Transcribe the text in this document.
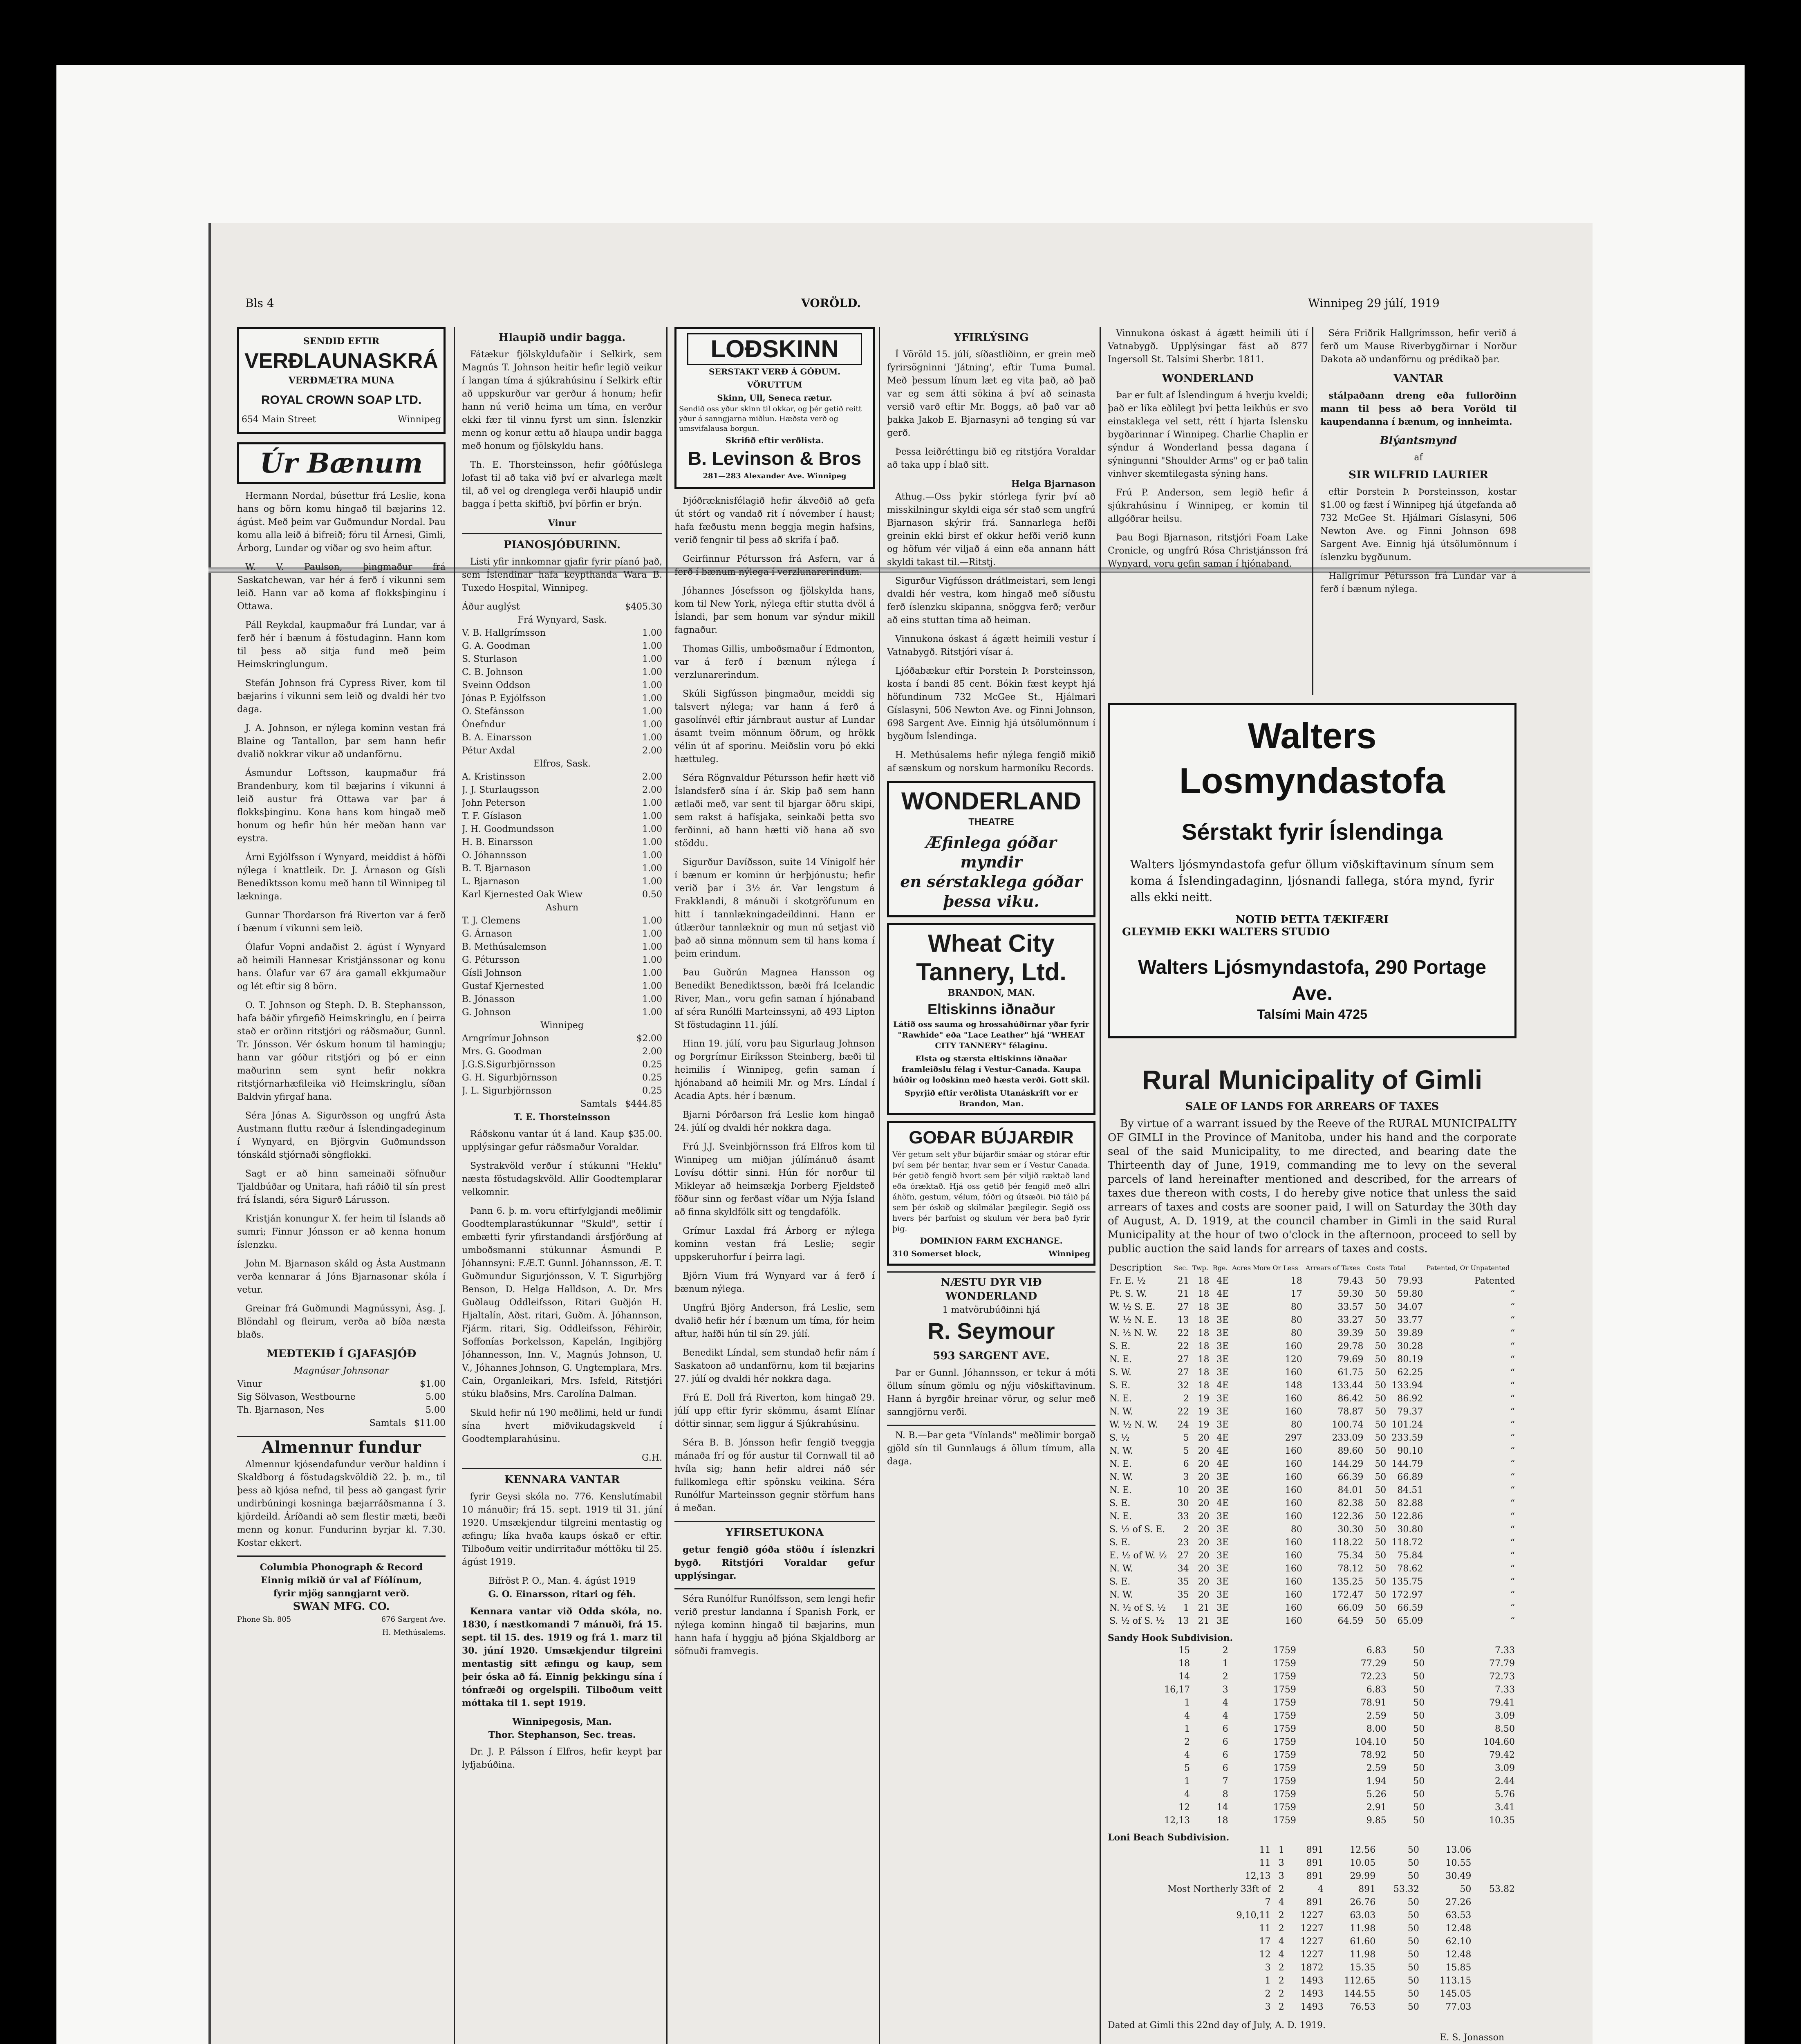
Bls 4	VORÖLD.	Winnipeg 29 júlí, 1919
SENDID EFTIR
VERÐLAUNASKRÁ
VERÐMÆTRA MUNA
ROYAL CROWN SOAP LTD.
654 Main Street	Winnipeg
Úr Bænum

Hermann Nordal, búsettur frá Leslie, kona hans og börn komu hingað til bæjarins 12. ágúst. Með þeim var Guðmundur Nordal. Þau komu alla leið á bifreið; fóru til Árnesi, Gimli, Árborg, Lundar og víðar og svo heim aftur.

W. V. Paulson, þingmaður frá Saskatchewan, var hér á ferð í vikunni sem leið. Hann var að koma af flokksþinginu í Ottawa.

Páll Reykdal, kaupmaður frá Lundar, var á ferð hér í bænum á föstudaginn. Hann kom til þess að sitja fund með þeim Heimskringlungum.

Stefán Johnson frá Cypress River, kom til bæjarins í vikunni sem leið og dvaldi hér tvo daga.

J. A. Johnson, er nýlega kominn vestan frá Blaine og Tantallon, þar sem hann hefir dvalið nokkrar vikur að undanförnu.

Ásmundur Loftsson, kaupmaður frá Brandenbury, kom til bæjarins í vikunni á leið austur frá Ottawa var þar á flokksþinginu. Kona hans kom hingað með honum og hefir hún hér meðan hann var eystra.

Árni Eyjólfsson í Wynyard, meiddist á höfði nýlega í knattleik. Dr. J. Árnason og Gísli Benediktsson komu með hann til Winnipeg til lækninga.

Gunnar Thordarson frá Riverton var á ferð í bænum í vikunni sem leið.

Ólafur Vopni andaðist 2. ágúst í Wynyard að heimili Hannesar Kristjánssonar og konu hans. Ólafur var 67 ára gamall ekkjumaður og lét eftir sig 8 börn.

O. T. Johnson og Steph. D. B. Stephansson, hafa báðir yfirgefið Heimskringlu, en í þeirra stað er orðinn ritstjóri og ráðsmaður, Gunnl. Tr. Jónsson. Vér óskum honum til hamingju; hann var góður ritstjóri og þó er einn maðurinn sem synt hefir nokkra ritstjórnarhæfileika við Heimskringlu, síðan Baldvin yfirgaf hana.

Séra Jónas A. Sigurðsson og ungfrú Ásta Austmann fluttu ræður á Íslendingadeginum í Wynyard, en Björgvin Guðmundsson tónskáld stjórnaði söngflokki.

Sagt er að hinn sameinaði söfnuður Tjaldbúðar og Unitara, hafi ráðið til sín prest frá Íslandi, séra Sigurð Lárusson.

Kristján konungur X. fer heim til Íslands að sumri; Finnur Jónsson er að kenna honum íslenzku.

John M. Bjarnason skáld og Ásta Austmann verða kennarar á Jóns Bjarnasonar skóla í vetur.

Greinar frá Guðmundi Magnússyni, Ásg. J. Blöndahl og fleirum, verða að bíða næsta blaðs.

MEÐTEKIÐ Í GJAFASJÓÐ
Magnúsar Johnsonar
Vinur	$1.00
Sig Sölvason, Westbourne	5.00
Th. Bjarnason, Nes	5.00
Samtals $11.00
Almennur fundur

Almennur kjósendafundur verður haldinn í Skaldborg á föstudagskvöldið 22. þ. m., til þess að kjósa nefnd, til þess að gangast fyrir undirbúningi kosninga bæjarráðsmanna í 3. kjördeild. Áríðandi að sem flestir mæti, bæði menn og konur. Fundurinn byrjar kl. 7.30. Kostar ekkert.

Columbia Phonograph & Record
Einnig mikið úr val af Fíólínum,
fyrir mjög sanngjarnt verð.
SWAN MFG. CO.
Phone Sh. 805	676 Sargent Ave.
H. Methúsalems.
Hlaupið undir bagga.

Fátækur fjölskyldufaðir í Selkirk, sem Magnús T. Johnson heitir hefir legið veikur í langan tíma á sjúkrahúsinu í Selkirk eftir að uppskurður var gerður á honum; hefir hann nú verið heima um tíma, en verður ekki fær til vinnu fyrst um sinn. Íslenzkir menn og konur ættu að hlaupa undir bagga með honum og fjölskyldu hans.

Th. E. Thorsteinsson, hefir góðfúslega lofast til að taka við því er alvarlega mælt til, að vel og drenglega verði hlaupið undir bagga í þetta skiftið, því þörfin er brýn.

Vinur
PIANOSJÓÐURINN.

Listi yfir innkomnar gjafir fyrir píanó það, sem Íslendinar hafa keypthanda Wara B. Tuxedo Hospital, Winnipeg.

Áður auglýst	$405.30
Frá Wynyard, Sask.
V. B. Hallgrímsson	1.00
G. A. Goodman	1.00
S. Sturlason	1.00
C. B. Johnson	1.00
Sveinn Oddson	1.00
Jónas P. Eyjólfsson	1.00
O. Stefánsson	1.00
Ónefndur	1.00
B. A. Einarsson	1.00
Pétur Axdal	2.00
Elfros, Sask.
A. Kristinsson	2.00
J. J. Sturlaugsson	2.00
John Peterson	1.00
T. F. Gíslason	1.00
J. H. Goodmundsson	1.00
H. B. Einarsson	1.00
O. Jóhannsson	1.00
B. T. Bjarnason	1.00
L. Bjarnason	1.00
Karl Kjernested Oak Wiew	0.50
Ashurn
T. J. Clemens	1.00
G. Árnason	1.00
B. Methúsalemson	1.00
G. Pétursson	1.00
Gísli Johnson	1.00
Gustaf Kjernested	1.00
B. Jónasson	1.00
G. Johnson	1.00
Winnipeg
Arngrímur Johnson	$2.00
Mrs. G. Goodman	2.00
J.G.S.Sigurbjörnsson	0.25
G. H. Sigurbjörnsson	0.25
J. L. Sigurbjörnsson	0.25
Samtals $444.85
T. E. Thorsteinsson

Ráðskonu vantar út á land. Kaup $35.00. upplýsingar gefur ráðsmaður Voraldar.

Systrakvöld verður í stúkunni "Heklu" næsta föstudagskvöld. Allir Goodtemplarar velkomnir.

Þann 6. þ. m. voru eftirfylgjandi meðlimir Goodtemplarastúkunnar "Skuld", settir í embætti fyrir yfirstandandi ársfjórðung af umboðsmanni stúkunnar Ásmundi P. Jóhannsyni: F.Æ.T. Gunnl. Jóhannsson, Æ. T. Guðmundur Sigurjónsson, V. T. Sigurbjörg Benson, D. Helga Halldson, A. Dr. Mrs Guðlaug Oddleifsson, Ritari Guðjón H. Hjaltalín, Aðst. ritari, Guðm. Á. Jóhannson, Fjárm. ritari, Sig. Oddleifsson, Féhirðir, Soffonías Þorkelsson, Kapelán, Ingibjörg Jóhannesson, Inn. V., Magnús Johnson, U. V., Jóhannes Johnson, G. Ungtemplara, Mrs. Cain, Organleikari, Mrs. Isfeld, Ritstjóri stúku blaðsins, Mrs. Carolína Dalman.

Skuld hefir nú 190 meðlimi, held ur fundi sína hvert miðvikudagskveld í Goodtemplarahúsinu.

G.H.
KENNARA VANTAR

fyrir Geysi skóla no. 776. Kenslutímabil 10 mánuðir; frá 15. sept. 1919 til 31. júní 1920. Umsækjendur tilgreini mentastig og æfingu; líka hvaða kaups óskað er eftir. Tilboðum veitir undirritaður móttöku til 25. ágúst 1919.

Bifröst P. O., Man. 4. ágúst 1919
G. O. Einarsson, ritari og féh.

Kennara vantar við Odda skóla, no. 1830, í næstkomandi 7 mánuði, frá 15. sept. til 15. des. 1919 og frá 1. marz til 30. júní 1920. Umsækjendur tilgreini mentastig sitt æfingu og kaup, sem þeir óska að fá. Einnig þekkingu sína í tónfræði og orgelspili. Tilboðum veitt móttaka til 1. sept 1919.

Winnipegosis, Man.
Thor. Stephanson, Sec. treas.

Dr. J. P. Pálsson í Elfros, hefir keypt þar lyfjabúðina.

LOÐSKINN
SERSTAKT VERÐ Á GÓÐUM.
VÖRUTTUM
Skinn, Ull, Seneca rætur.
Sendið oss yður skinn til okkar, og þér getið reitt yður á sanngjarna miðlun. Hæðsta verð og umsvifalausa borgun.
Skrifið eftir verðlista.
B. Levinson & Bros
281—283 Alexander Ave. Winnipeg

Þjóðræknisfélagið hefir ákveðið að gefa út stórt og vandað rit í nóvember í haust; hafa fæðustu menn beggja megin hafsins, verið fengnir til þess að skrifa í það.

Geirfinnur Pétursson frá Asfern, var á ferð í bænum nýlega í verzlunarerindum.

Jóhannes Jósefsson og fjölskylda hans, kom til New York, nýlega eftir stutta dvöl á Íslandi, þar sem honum var sýndur mikill fagnaður.

Thomas Gillis, umboðsmaður í Edmonton, var á ferð í bænum nýlega í verzlunarerindum.

Skúli Sigfússon þingmaður, meiddi sig talsvert nýlega; var hann á ferð á gasolínvél eftir járnbraut austur af Lundar ásamt tveim mönnum öðrum, og hrökk vélin út af sporinu. Meiðslin voru þó ekki hættuleg.

Séra Rögnvaldur Pétursson hefir hætt við Íslandsferð sína í ár. Skip það sem hann ætlaði með, var sent til bjargar öðru skipi, sem rakst á hafísjaka, seinkaði þetta svo ferðinni, að hann hætti við hana að svo stöddu.

Sigurður Davíðsson, suite 14 Vínigolf hér í bænum er kominn úr herþjónustu; hefir verið þar í 3½ ár. Var lengstum á Frakklandi, 8 mánuði í skotgröfunum en hitt í tannlækningadeildinni. Hann er útlærður tannlæknir og mun nú setjast við það að sinna mönnum sem til hans koma í þeim erindum.

Þau Guðrún Magnea Hansson og Benedikt Benediktsson, bæði frá Icelandic River, Man., voru gefin saman í hjónaband af séra Runólfi Marteinssyni, að 493 Lipton St föstudaginn 11. júlí.

Hinn 19. júlí, voru þau Sigurlaug Johnson og Þorgrímur Eiríksson Steinberg, bæði til heimilis í Winnipeg, gefin saman í hjónaband að heimili Mr. og Mrs. Líndal í Acadia Apts. hér í bænum.

Bjarni Þórðarson frá Leslie kom hingað 24. júlí og dvaldi hér nokkra daga.

Frú J.J. Sveinbjörnsson frá Elfros kom til Winnipeg um miðjan júlímánuð ásamt Lovísu dóttir sinni. Hún fór norður til Mikleyar að heimsækja Þorberg Fjeldsteð föður sinn og ferðast víðar um Nýja Ísland að finna skyldfólk sitt og tengdafólk.

Grímur Laxdal frá Árborg er nýlega kominn vestan frá Leslie; segir uppskeruhorfur í þeirra lagi.

Björn Vium frá Wynyard var á ferð í bænum nýlega.

Ungfrú Björg Anderson, frá Leslie, sem dvalið hefir hér í bænum um tíma, fór heim aftur, hafði hún til sín 29. júlí.

Benedikt Líndal, sem stundað hefir nám í Saskatoon að undanförnu, kom til bæjarins 27. júlí og dvaldi hér nokkra daga.

Frú E. Doll frá Riverton, kom hingað 29. júlí upp eftir fyrir skömmu, ásamt Elínar dóttir sinnar, sem liggur á Sjúkrahúsinu.

Séra B. B. Jónsson hefir fengið tveggja mánaða frí og fór austur til Cornwall til að hvíla sig; hann hefir aldrei náð sér fullkomlega eftir spönsku veikina. Séra Runólfur Marteinsson gegnir störfum hans á meðan.

YFIRSETUKONA

getur fengið góða stöðu í íslenzkri bygð. Ritstjóri Voraldar gefur upplýsingar.

Séra Runólfur Runólfsson, sem lengi hefir verið prestur landanna í Spanish Fork, er nýlega kominn hingað til bæjarins, mun hann hafa í hyggju að þjóna Skjaldborg ar söfnuði framvegis.

YFIRLÝSING

Í Vöröld 15. júlí, síðastliðinn, er grein með fyrirsögninni 'Játning', eftir Tuma Þumal. Með þessum línum læt eg vita það, að það var eg sem átti sökina á því að seinasta versið varð eftir Mr. Boggs, að það var að þakka Jakob E. Bjarnasyni að tenging sú var gerð.

Þessa leiðréttingu bið eg ritstjóra Voraldar að taka upp í blað sitt.

Helga Bjarnason

Athug.—Oss þykir stórlega fyrir því að misskilningur skyldi eiga sér stað sem ungfrú Bjarnason skýrir frá. Sannarlega hefði greinin ekki birst ef okkur hefði verið kunn og höfum vér viljað á einn eða annann hátt skyldi takast til.—Ritstj.

Sigurður Vigfússon drátlmeistari, sem lengi dvaldi hér vestra, kom hingað með síðustu ferð íslenzku skipanna, snöggva ferð; verður að eins stuttan tíma að heiman.

Vinnukona óskast á ágætt heimili vestur í Vatnabygð. Ritstjóri vísar á.

Ljóðabækur eftir Þorstein Þ. Þorsteinsson, kosta í bandi 85 cent. Bókin fæst keypt hjá höfundinum 732 McGee St., Hjálmari Gíslasyni, 506 Newton Ave. og Finni Johnson, 698 Sargent Ave. Einnig hjá útsölumönnum í bygðum Íslendinga.

H. Methúsalems hefir nýlega fengið mikið af sænskum og norskum harmoníku Records.

WONDERLAND
THEATRE
Æfinlega góðar
myndir
en sérstaklega góðar
þessa viku.
Wheat City
Tannery, Ltd.
BRANDON, MAN.
Eltiskinns iðnaður
Látið oss sauma og hrossahúðirnar yðar fyrir "Rawhide" eða "Lace Leather" hjá "WHEAT CITY TANNERY" félaginu.
Elsta og stærsta eltiskinns iðnaðar framleiðslu félag í Vestur-Canada. Kaupa húðir og loðskinn með hæsta verði. Gott skil.
Spyrjið eftir verðlista Utanáskrift vor er Brandon, Man.
GOÐAR BÚJARÐIR
Vér getum selt yður bújarðir smáar og stórar eftir því sem þér hentar, hvar sem er í Vestur Canada. Þér getið fengið hvort sem þér viljið ræktað land eða óræktað. Hjá oss getið þér fengið með allri áhöfn, gestum, vélum, fóðri og útsæði. Þið fáið þá sem þér óskið og skilmálar þægilegir. Segið oss hvers þér þarfnist og skulum vér bera það fyrir þig.
DOMINION FARM EXCHANGE.
310 Somerset block,	Winnipeg
NÆSTU DYR VIÐ
WONDERLAND
1 matvörubúðinni hjá
R. Seymour
593 SARGENT AVE.

Þar er Gunnl. Jóhannsson, er tekur á móti öllum sínum gömlu og nýju viðskiftavinum. Hann á byrgðir hreinar vörur, og selur með sanngjörnu verði.

N. B.—Þar geta "Vínlands" meðlimir borgað gjöld sín til Gunnlaugs á öllum tímum, alla daga.

Vinnukona óskast á ágætt heimili úti í Vatnabygð. Upplýsingar fást að 877 Ingersoll St. Talsími Sherbr. 1811.

WONDERLAND

Þar er fult af Íslendingum á hverju kveldi; það er líka eðlilegt því þetta leikhús er svo einstaklega vel sett, rétt í hjarta Íslensku bygðarinnar í Winnipeg. Charlie Chaplin er sýndur á Wonderland þessa dagana í sýningunni "Shoulder Arms" og er það talin vinhver skemtilegasta sýning hans.

Frú P. Anderson, sem legið hefir á sjúkrahúsinu í Winnipeg, er komin til allgóðrar heilsu.

Þau Bogi Bjarnason, ritstjóri Foam Lake Cronicle, og ungfrú Rósa Christjánsson frá Wynyard, voru gefin saman í hjónaband.

Séra Friðrik Hallgrímsson, hefir verið á ferð um Mause Riverbygðirnar í Norður Dakota að undanförnu og prédikað þar.

VANTAR

stálpaðann dreng eða fullorðinn mann til þess að bera Voröld til kaupendanna í bænum, og innheimta.

Blýantsmynd
af
SIR WILFRID LAURIER

eftir Þorstein Þ. Þorsteinsson, kostar $1.00 og fæst í Winnipeg hjá útgefanda að 732 McGee St. Hjálmari Gíslasyni, 506 Newton Ave. og Finni Johnson 698 Sargent Ave. Einnig hjá útsölumönnum í íslenzku bygðunum.

Hallgrímur Pétursson frá Lundar var á ferð í bænum nýlega.

Walters Losmyndastofa
Sérstakt fyrir Íslendinga
Walters ljósmyndastofa gefur öllum viðskiftavinum sínum sem koma á Íslendingadaginn, ljósnandi fallega, stóra mynd, fyrir alls ekki neitt.
NOTIÐ ÞETTA TÆKIFÆRI
GLEYMIÐ EKKI WALTERS STUDIO
Walters Ljósmyndastofa, 290 Portage Ave.
Talsími Main 4725
Rural Municipality of Gimli
SALE OF LANDS FOR ARREARS OF TAXES

By virtue of a warrant issued by the Reeve of the RURAL MUNICIPALITY OF GIMLI in the Province of Manitoba, under his hand and the corporate seal of the said Municipality, to me directed, and bearing date the Thirteenth day of June, 1919, commanding me to levy on the several parcels of land hereinafter mentioned and described, for the arrears of taxes due thereon with costs, I do hereby give notice that unless the said arrears of taxes and costs are sooner paid, I will on Saturday the 30th day of August, A. D. 1919, at the council chamber in Gimli in the said Rural Municipality at the hour of two o'clock in the afternoon, proceed to sell by public auction the said lands for arrears of taxes and costs.

Description	Sec.	Twp.	Rge.	Acres More Or Less	Arrears of Taxes	Costs	Total	Patented, Or Unpatented
Fr. E. ½	21	18	4E	18	79.43	50	79.93	Patented
Pt. S. W.	21	18	4E	17	59.30	50	59.80	“
W. ½ S. E.	27	18	3E	80	33.57	50	34.07	“
W. ½ N. E.	13	18	3E	80	33.27	50	33.77	“
N. ½ N. W.	22	18	3E	80	39.39	50	39.89	“
S. E.	22	18	3E	160	29.78	50	30.28	“
N. E.	27	18	3E	120	79.69	50	80.19	“
S. W.	27	18	3E	160	61.75	50	62.25	“
S. E.	32	18	4E	148	133.44	50	133.94	“
N. E.	2	19	3E	160	86.42	50	86.92	“
N. W.	22	19	3E	160	78.87	50	79.37	“
W. ½ N. W.	24	19	3E	80	100.74	50	101.24	“
S. ½	5	20	4E	297	233.09	50	233.59	“
N. W.	5	20	4E	160	89.60	50	90.10	“
N. E.	6	20	4E	160	144.29	50	144.79	“
N. W.	3	20	3E	160	66.39	50	66.89	“
N. E.	10	20	3E	160	84.01	50	84.51	“
S. E.	30	20	4E	160	82.38	50	82.88	“
N. E.	33	20	3E	160	122.36	50	122.86	“
S. ½ of S. E.	2	20	3E	80	30.30	50	30.80	“
S. E.	23	20	3E	160	118.22	50	118.72	“
E. ½ of W. ½	27	20	3E	160	75.34	50	75.84	“
N. W.	34	20	3E	160	78.12	50	78.62	“
S. E.	35	20	3E	160	135.25	50	135.75	“
N. W.	35	20	3E	160	172.47	50	172.97	“
N. ½ of S. ½	1	21	3E	160	66.09	50	66.59	“
S. ½ of S. ½	13	21	3E	160	64.59	50	65.09	“
Sandy Hook Subdivision.
	15	2	1759	6.83	50	7.33
	18	1	1759	77.29	50	77.79
	14	2	1759	72.23	50	72.73
	16,17	3	1759	6.83	50	7.33
	1	4	1759	78.91	50	79.41
	4	4	1759	2.59	50	3.09
	1	6	1759	8.00	50	8.50
	2	6	1759	104.10	50	104.60
	4	6	1759	78.92	50	79.42
	5	6	1759	2.59	50	3.09
	1	7	1759	1.94	50	2.44
	4	8	1759	5.26	50	5.76
	12	14	1759	2.91	50	3.41
	12,13	18	1759	9.85	50	10.35
Loni Beach Subdivision.
	11	1	891	12.56	50	13.06	
	11	3	891	10.05	50	10.55	
	12,13	3	891	29.99	50	30.49	
	Most Northerly 33ft of	2	4	891	53.32	50	53.82
	7	4	891	26.76	50	27.26	
	9,10,11	2	1227	63.03	50	63.53	
	11	2	1227	11.98	50	12.48	
	17	4	1227	61.60	50	62.10	
	12	4	1227	11.98	50	12.48	
	3	2	1872	15.35	50	15.85	
	1	2	1493	112.65	50	113.15	
	2	2	1493	144.55	50	145.05	
	3	2	1493	76.53	50	77.03	
Dated at Gimli this 22nd day of July, A. D. 1919.
E. S. Jonasson
